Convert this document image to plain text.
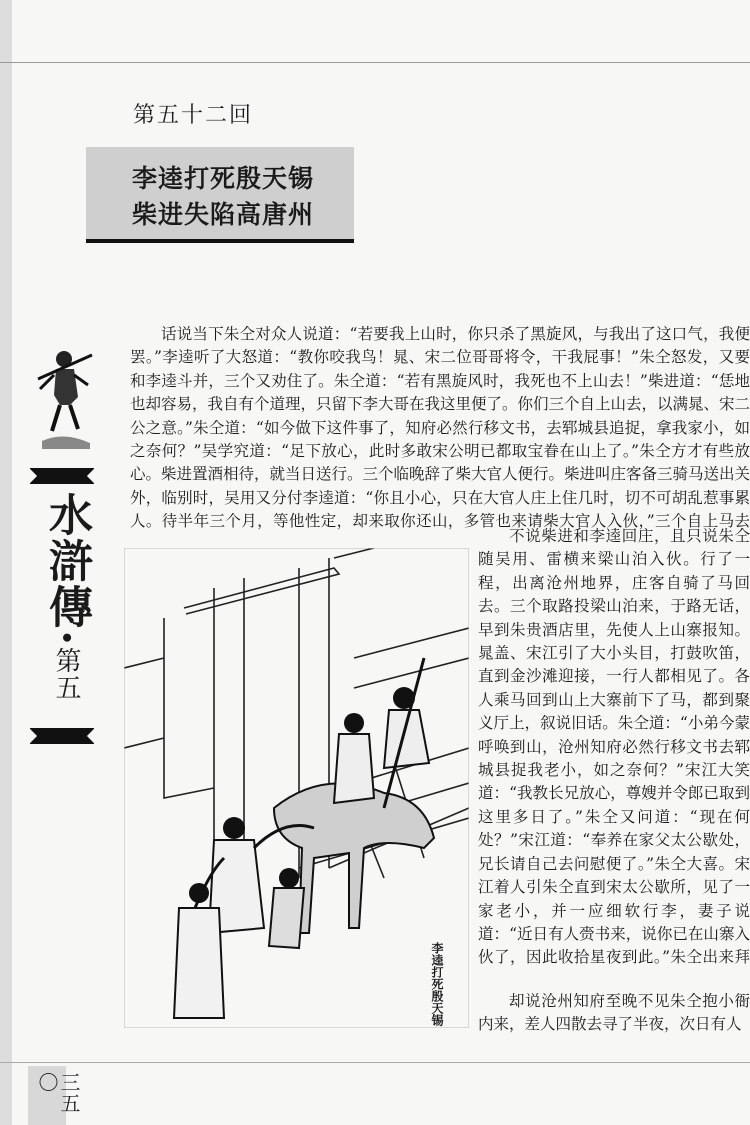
第五十二回
李逵打死殷天锡
柴进失陷高唐州
水滸傳·第五
话说当下朱仝对众人说道：“若要我上山时，你只杀了黑旋风，与我出了这口气，我便罢。”李逵听了大怒道：“教你咬我鸟！晁、宋二位哥哥将令，干我屁事！”朱仝怒发，又要和李逵斗并，三个又劝住了。朱仝道：“若有黑旋风时，我死也不上山去！”柴进道：“恁地也却容易，我自有个道理，只留下李大哥在我这里便了。你们三个自上山去，以满晁、宋二公之意。”朱仝道：“如今做下这件事了，知府必然行移文书，去郓城县追捉，拿我家小，如之奈何？”吴学究道：“足下放心，此时多敢宋公明已都取宝眷在山上了。”朱仝方才有些放心。柴进置酒相待，就当日送行。三个临晚辞了柴大官人便行。柴进叫庄客备三骑马送出关外，临别时，吴用又分付李逵道：“你且小心，只在大官人庄上住几时，切不可胡乱惹事累人。待半年三个月，等他性定，却来取你还山，多管也来请柴大官人入伙，”三个自上马去
李逵打死殷天锡
不说柴进和李逵回庄，且只说朱仝随吴用、雷横来梁山泊入伙。行了一程，出离沧州地界，庄客自骑了马回去。三个取路投梁山泊来，于路无话，早到朱贵酒店里，先使人上山寨报知。晁盖、宋江引了大小头目，打鼓吹笛，直到金沙滩迎接，一行人都相见了。各人乘马回到山上大寨前下了马，都到聚义厅上，叙说旧话。朱仝道：“小弟今蒙呼唤到山，沧州知府必然行移文书去郓城县捉我老小，如之奈何？”宋江大笑道：“我教长兄放心，尊嫂并令郎已取到这里多日了。”朱仝又问道：“现在何处？”宋江道：“奉养在家父太公歇处，兄长请自己去问慰便了。”朱仝大喜。宋江着人引朱仝直到宋太公歇所，见了一家老小，并一应细软行李，妻子说道：“近日有人赍书来，说你已在山寨入伙了，因此收拾星夜到此。”朱仝出来拜
却说沧州知府至晚不见朱仝抱小衙内来，差人四散去寻了半夜，次日有人
三五〇
